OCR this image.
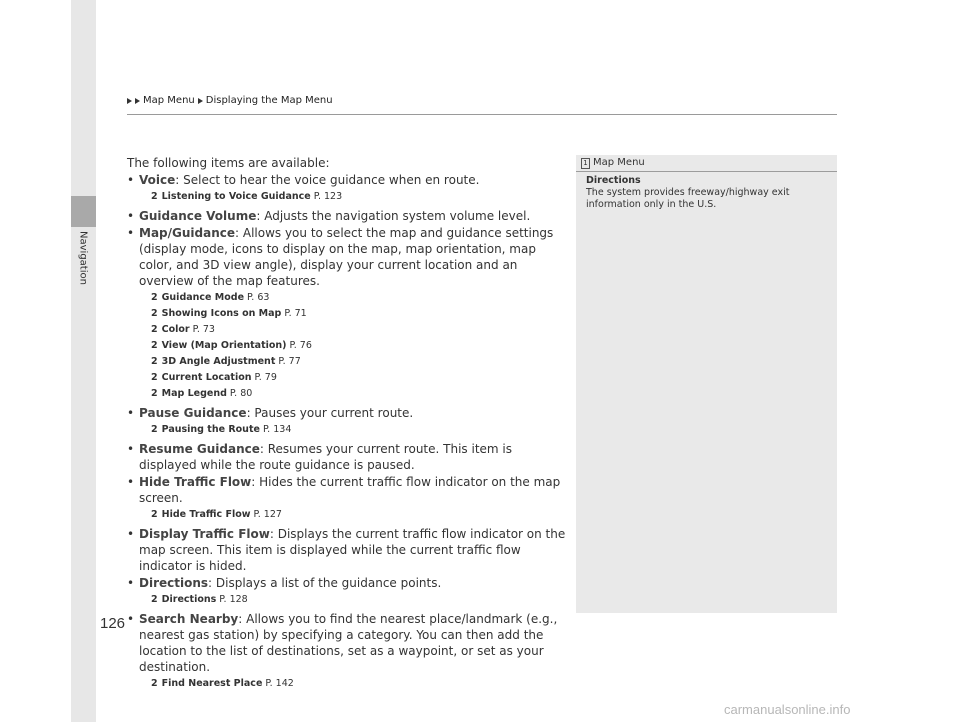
Navigation
Map Menu Displaying the Map Menu

The following items are available:

• Voice: Select to hear the voice guidance when en route.
2 Listening to Voice Guidance P. 123
• Guidance Volume: Adjusts the navigation system volume level.
• Map/Guidance: Allows you to select the map and guidance settings (display mode, icons to display on the map, map orientation, map color, and 3D view angle), display your current location and an overview of the map features.
2 Guidance Mode P. 63
2 Showing Icons on Map P. 71
2 Color P. 73
2 View (Map Orientation) P. 76
2 3D Angle Adjustment P. 77
2 Current Location P. 79
2 Map Legend P. 80
• Pause Guidance: Pauses your current route.
2 Pausing the Route P. 134
• Resume Guidance: Resumes your current route. This item is displayed while the route guidance is paused.
• Hide Traffic Flow: Hides the current traffic flow indicator on the map screen.
2 Hide Traffic Flow P. 127
• Display Traffic Flow: Displays the current traffic flow indicator on the map screen. This item is displayed while the current traffic flow indicator is hided.
• Directions: Displays a list of the guidance points.
2 Directions P. 128
• Search Nearby: Allows you to find the nearest place/landmark (e.g., nearest gas station) by specifying a category. You can then add the location to the list of destinations, set as a waypoint, or set as your destination.
2 Find Nearest Place P. 142
1 Map Menu
Directions
The system provides freeway/highway exit information only in the U.S.
126
carmanualsonline.info
